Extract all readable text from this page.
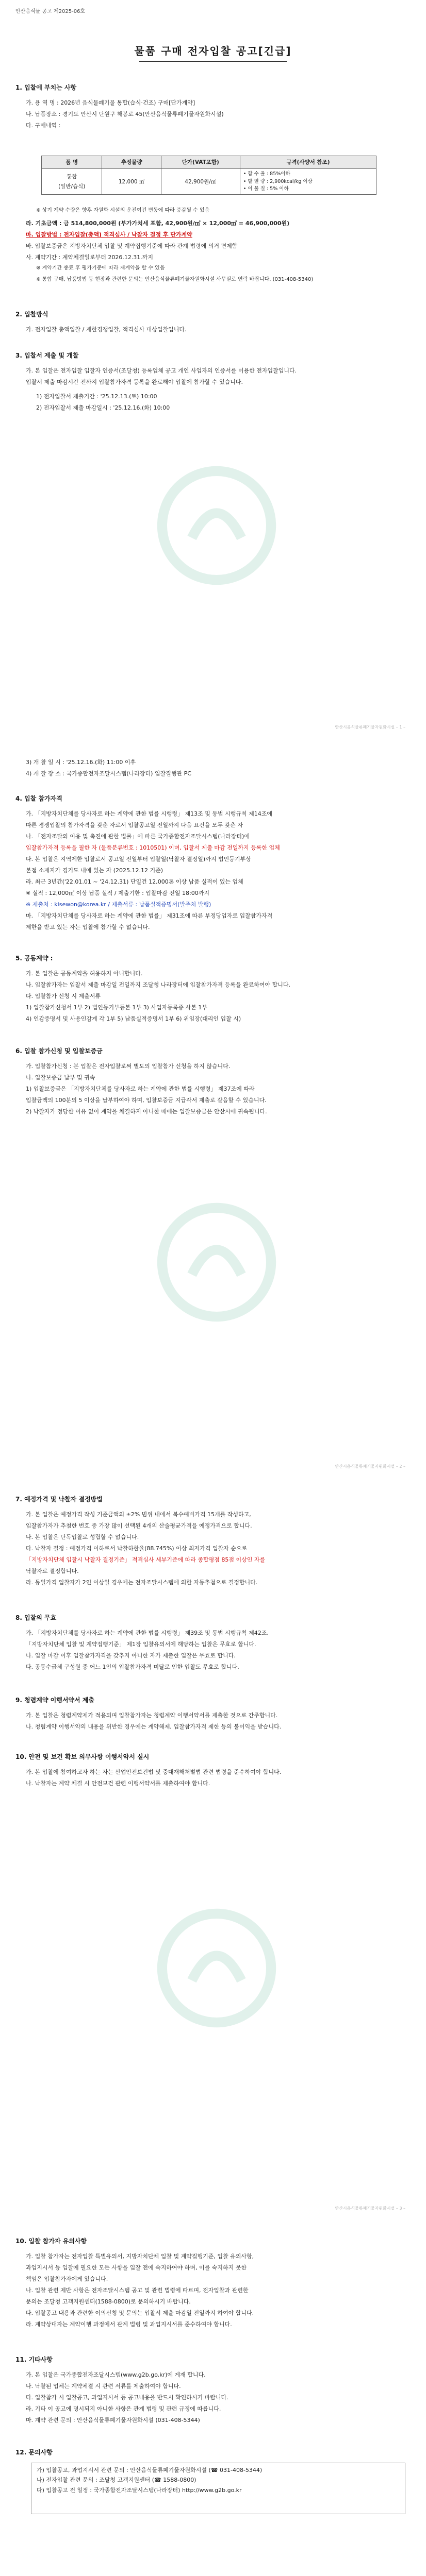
안산음식물 공고 제2025-06호
물품 구매 전자입찰 공고[긴급]
1. 입찰에 부치는 사항
가. 용 역 명 : 2026년 음식물폐기물 통합(습식·건조) 구매[단가계약]
나. 납품장소 : 경기도 안산시 단원구 해봉로 45(안산음식물류폐기물자원화시설)
다. 구매내역 :
품 명	추정물량	단가(VAT포함)	규격(사양서 참조)
통합
(일반/습식)	12,000 ㎥	42,900원/㎥	• 함 수 율 : 85%이하
• 발 열 량 : 2,900kcal/kg 이상
• 이 물 질 : 5% 이하
※ 상기 계약 수량은 향후 자원화 시설의 운전여건 변동에 따라 증감될 수 있음
라. 기초금액 : 금 514,800,000원 (부가가치세 포함, 42,900원/㎥ × 12,000㎥ = 46,900,000원)
마. 입찰방법 : 전자입찰(총액) 적격심사 / 낙찰자 결정 후 단가계약
바. 입찰보증금은 지방자치단체 입찰 및 계약집행기준에 따라 관계 법령에 의거 면제함
사. 계약기간 : 계약체결일로부터 2026.12.31.까지
※ 계약기간 종료 후 평가기준에 따라 재계약을 할 수 있음
※ 통합 구매, 납품방법 등 현장과 관련한 문의는 안산음식물류폐기물자원화시설 사무실로 연락 바랍니다. (031-408-5340)
2. 입찰방식
가. 전자입찰 총액입찰 / 제한경쟁입찰, 적격심사 대상입찰입니다.
3. 입찰서 제출 및 개찰
가. 본 입찰은 전자입찰 입찰자 인증서(조달청) 등록업체 공고 개인 사업자의 인증서를 이용한 전자입찰입니다.
입찰서 제출 마감시간 전까지 입찰참가자격 등록을 완료해야 입찰에 참가할 수 있습니다.
1) 전자입찰서 제출기간 : '25.12.13.(토) 10:00
2) 전자입찰서 제출 마감일시 : '25.12.16.(화) 10:00
안산시음식물류폐기물자원화시설 – 1 –
3) 개 찰 일 시 : '25.12.16.(화) 11:00 이후
4) 개 찰 장 소 : 국가종합전자조달시스템(나라장터) 입찰집행관 PC
4. 입찰 참가자격
가. 「지방자치단체를 당사자로 하는 계약에 관한 법률 시행령」 제13조 및 동법 시행규칙 제14조에
따른 경쟁입찰의 참가자격을 갖춘 자로서 입찰공고일 전일까지 다음 요건을 모두 갖춘 자
나. 「전자조달의 이용 및 촉진에 관한 법률」에 따른 국가종합전자조달시스템(나라장터)에
입찰참가자격 등록을 필한 자 (물품분류번호 : 1010501) 이며, 입찰서 제출 마감 전일까지 등록한 업체
다. 본 입찰은 지역제한 입찰로서 공고일 전일부터 입찰일(낙찰자 결정일)까지 법인등기부상
본점 소재지가 경기도 내에 있는 자 (2025.12.12 기준)
라. 최근 3년간('22.01.01 ~ '24.12.31) 단일건 12,000톤 이상 납품 실적이 있는 업체
※ 실적 : 12,000㎥ 이상 납품 실적 / 제출기한 : 입찰마감 전일 18:00까지
※ 제출처 : kisewon@korea.kr / 제출서류 : 납품실적증명서(발주처 발행)
마. 「지방자치단체를 당사자로 하는 계약에 관한 법률」 제31조에 따른 부정당업자로 입찰참가자격
제한을 받고 있는 자는 입찰에 참가할 수 없습니다.
5. 공동계약 :
가. 본 입찰은 공동계약을 허용하지 아니합니다.
나. 입찰참가자는 입찰서 제출 마감일 전일까지 조달청 나라장터에 입찰참가자격 등록을 완료하여야 합니다.
다. 입찰참가 신청 시 제출서류
1) 입찰참가신청서 1부 2) 법인등기부등본 1부 3) 사업자등록증 사본 1부
4) 인감증명서 및 사용인감계 각 1부 5) 납품실적증명서 1부 6) 위임장(대리인 입찰 시)
6. 입찰 참가신청 및 입찰보증금
가. 입찰참가신청 : 본 입찰은 전자입찰로써 별도의 입찰참가 신청을 하지 않습니다.
나. 입찰보증금 납부 및 귀속
1) 입찰보증금은 「지방자치단체를 당사자로 하는 계약에 관한 법률 시행령」 제37조에 따라
입찰금액의 100분의 5 이상을 납부하여야 하며, 입찰보증금 지급각서 제출로 갈음할 수 있습니다.
2) 낙찰자가 정당한 이유 없이 계약을 체결하지 아니한 때에는 입찰보증금은 안산시에 귀속됩니다.
안산시음식물류폐기물자원화시설 – 2 –
7. 예정가격 및 낙찰자 결정방법
가. 본 입찰은 예정가격 작성 기준금액의 ±2% 범위 내에서 복수예비가격 15개를 작성하고,
입찰참가자가 추첨한 번호 중 가장 많이 선택된 4개의 산술평균가격을 예정가격으로 합니다.
나. 본 입찰은 단독입찰로 성립할 수 없습니다.
다. 낙찰자 결정 : 예정가격 이하로서 낙찰하한율(88.745%) 이상 최저가격 입찰자 순으로
「지방자치단체 입찰시 낙찰자 결정기준」 적격심사 세부기준에 따라 종합평점 85점 이상인 자를
낙찰자로 결정합니다.
라. 동일가격 입찰자가 2인 이상일 경우에는 전자조달시스템에 의한 자동추첨으로 결정합니다.
8. 입찰의 무효
가. 「지방자치단체를 당사자로 하는 계약에 관한 법률 시행령」 제39조 및 동법 시행규칙 제42조,
「지방자치단체 입찰 및 계약집행기준」 제1장 입찰유의서에 해당하는 입찰은 무효로 합니다.
나. 입찰 마감 이후 입찰참가자격을 갖추지 아니한 자가 제출한 입찰은 무효로 합니다.
다. 공동수급체 구성원 중 어느 1인의 입찰참가자격 미달로 인한 입찰도 무효로 합니다.
9. 청렴계약 이행서약서 제출
가. 본 입찰은 청렴계약제가 적용되며 입찰참가자는 청렴계약 이행서약서를 제출한 것으로 간주합니다.
나. 청렴계약 이행서약의 내용을 위반한 경우에는 계약해제, 입찰참가자격 제한 등의 불이익을 받습니다.
10. 안전 및 보건 확보 의무사항 이행서약서 실시
가. 본 입찰에 참여하고자 하는 자는 산업안전보건법 및 중대재해처벌법 관련 법령을 준수하여야 합니다.
나. 낙찰자는 계약 체결 시 안전보건 관련 이행서약서를 제출하여야 합니다.
안산시음식물류폐기물자원화시설 – 3 –
10. 입찰 참가자 유의사항
가. 입찰 참가자는 전자입찰 특별유의서, 지방자치단체 입찰 및 계약집행기준, 입찰 유의사항,
과업지시서 등 입찰에 필요한 모든 사항을 입찰 전에 숙지하여야 하며, 이를 숙지하지 못한
책임은 입찰참가자에게 있습니다.
나. 입찰 관련 제반 사항은 전자조달시스템 공고 및 관련 법령에 따르며, 전자입찰과 관련한
문의는 조달청 고객지원센터(1588-0800)로 문의하시기 바랍니다.
다. 입찰공고 내용과 관련한 이의신청 및 문의는 입찰서 제출 마감일 전일까지 하여야 합니다.
라. 계약상대자는 계약이행 과정에서 관계 법령 및 과업지시서를 준수하여야 합니다.
11. 기타사항
가. 본 입찰은 국가종합전자조달시스템(www.g2b.go.kr)에 게재 합니다.
나. 낙찰된 업체는 계약체결 시 관련 서류를 제출하여야 합니다.
다. 입찰참가 시 입찰공고, 과업지시서 등 공고내용을 반드시 확인하시기 바랍니다.
라. 기타 이 공고에 명시되지 아니한 사항은 관계 법령 및 관련 규정에 따릅니다.
마. 계약 관련 문의 : 안산음식물류폐기물자원화시설 (031-408-5344)
12. 문의사항
가) 입찰공고, 과업지시서 관련 문의 : 안산음식물류폐기물자원화시설 (☎ 031-408-5344)
나) 전자입찰 관련 문의 : 조달청 고객지원센터 (☎ 1588-0800)
다) 입찰공고 전 일정 : 국가종합전자조달시스템(나라장터) http://www.g2b.go.kr
